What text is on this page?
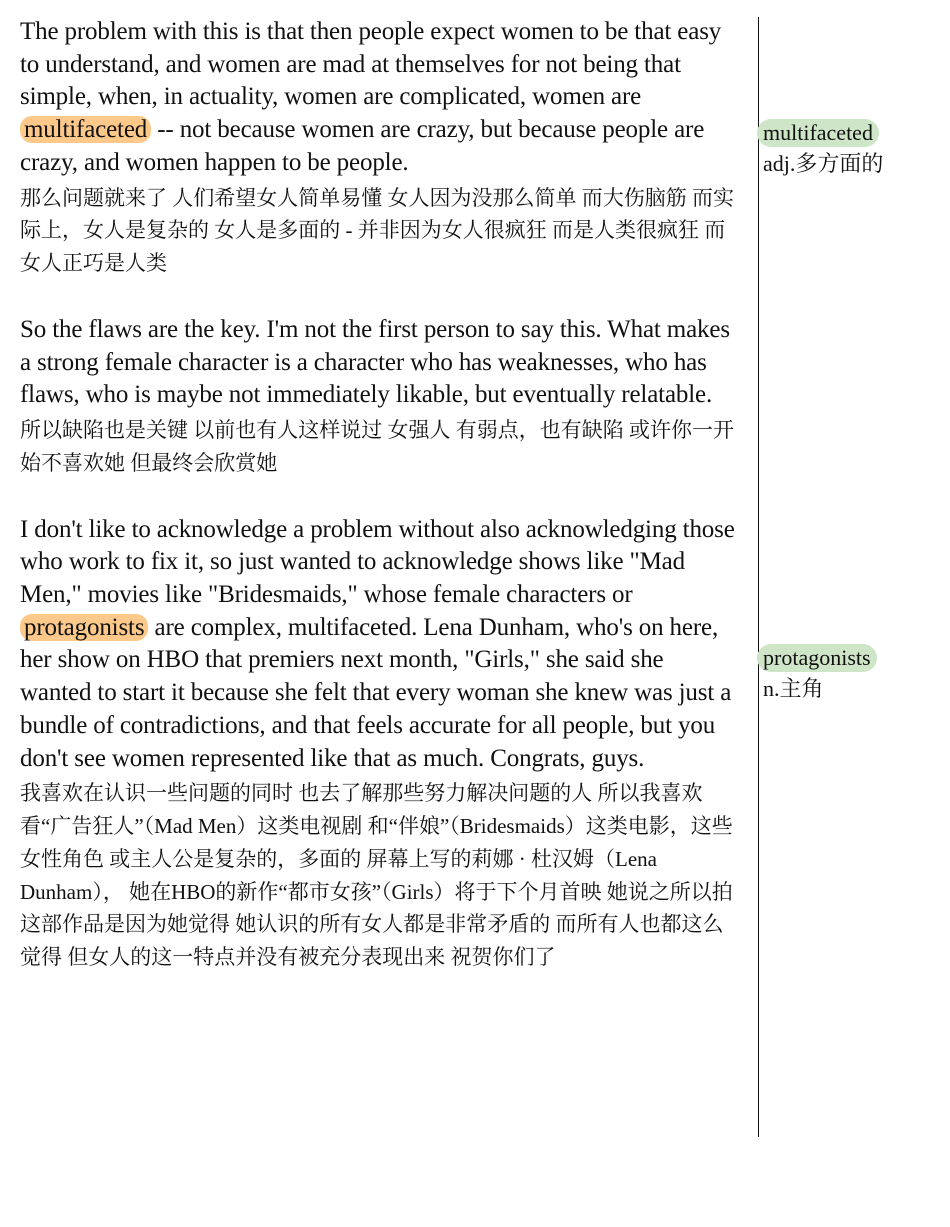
The problem with this is that then people expect women to be that easy to understand, and women are mad at themselves for not being that simple, when, in actuality, women are complicated, women are multifaceted -- not because women are crazy, but because people are crazy, and women happen to be people.

那么问题就来了 人们希望女人简单易懂 女人因为没那么简单 而大伤脑筋 而实际上，女人是复杂的 女人是多面的 - 并非因为女人很疯狂 而是人类很疯狂 而女人正巧是人类

So the flaws are the key. I'm not the first person to say this. What makes a strong female character is a character who has weaknesses, who has flaws, who is maybe not immediately likable, but eventually relatable.

所以缺陷也是关键 以前也有人这样说过 女强人 有弱点，也有缺陷 或许你一开始不喜欢她 但最终会欣赏她

I don't like to acknowledge a problem without also acknowledging those who work to fix it, so just wanted to acknowledge shows like "Mad Men," movies like "Bridesmaids," whose female characters or protagonists are complex, multifaceted. Lena Dunham, who's on here, her show on HBO that premiers next month, "Girls," she said she wanted to start it because she felt that every woman she knew was just a bundle of contradictions, and that feels accurate for all people, but you don't see women represented like that as much. Congrats, guys.

我喜欢在认识一些问题的同时 也去了解那些努力解决问题的人 所以我喜欢看“广告狂人”（Mad Men）这类电视剧 和“伴娘”（Bridesmaids）这类电影，这些女性角色 或主人公是复杂的，多面的 屏幕上写的莉娜 · 杜汉姆（Lena Dunham）， 她在HBO的新作“都市女孩”（Girls）将于下个月首映 她说之所以拍这部作品是因为她觉得 她认识的所有女人都是非常矛盾的 而所有人也都这么觉得 但女人的这一特点并没有被充分表现出来 祝贺你们了
multifaceted
adj.多方面的
protagonists
n.主角
